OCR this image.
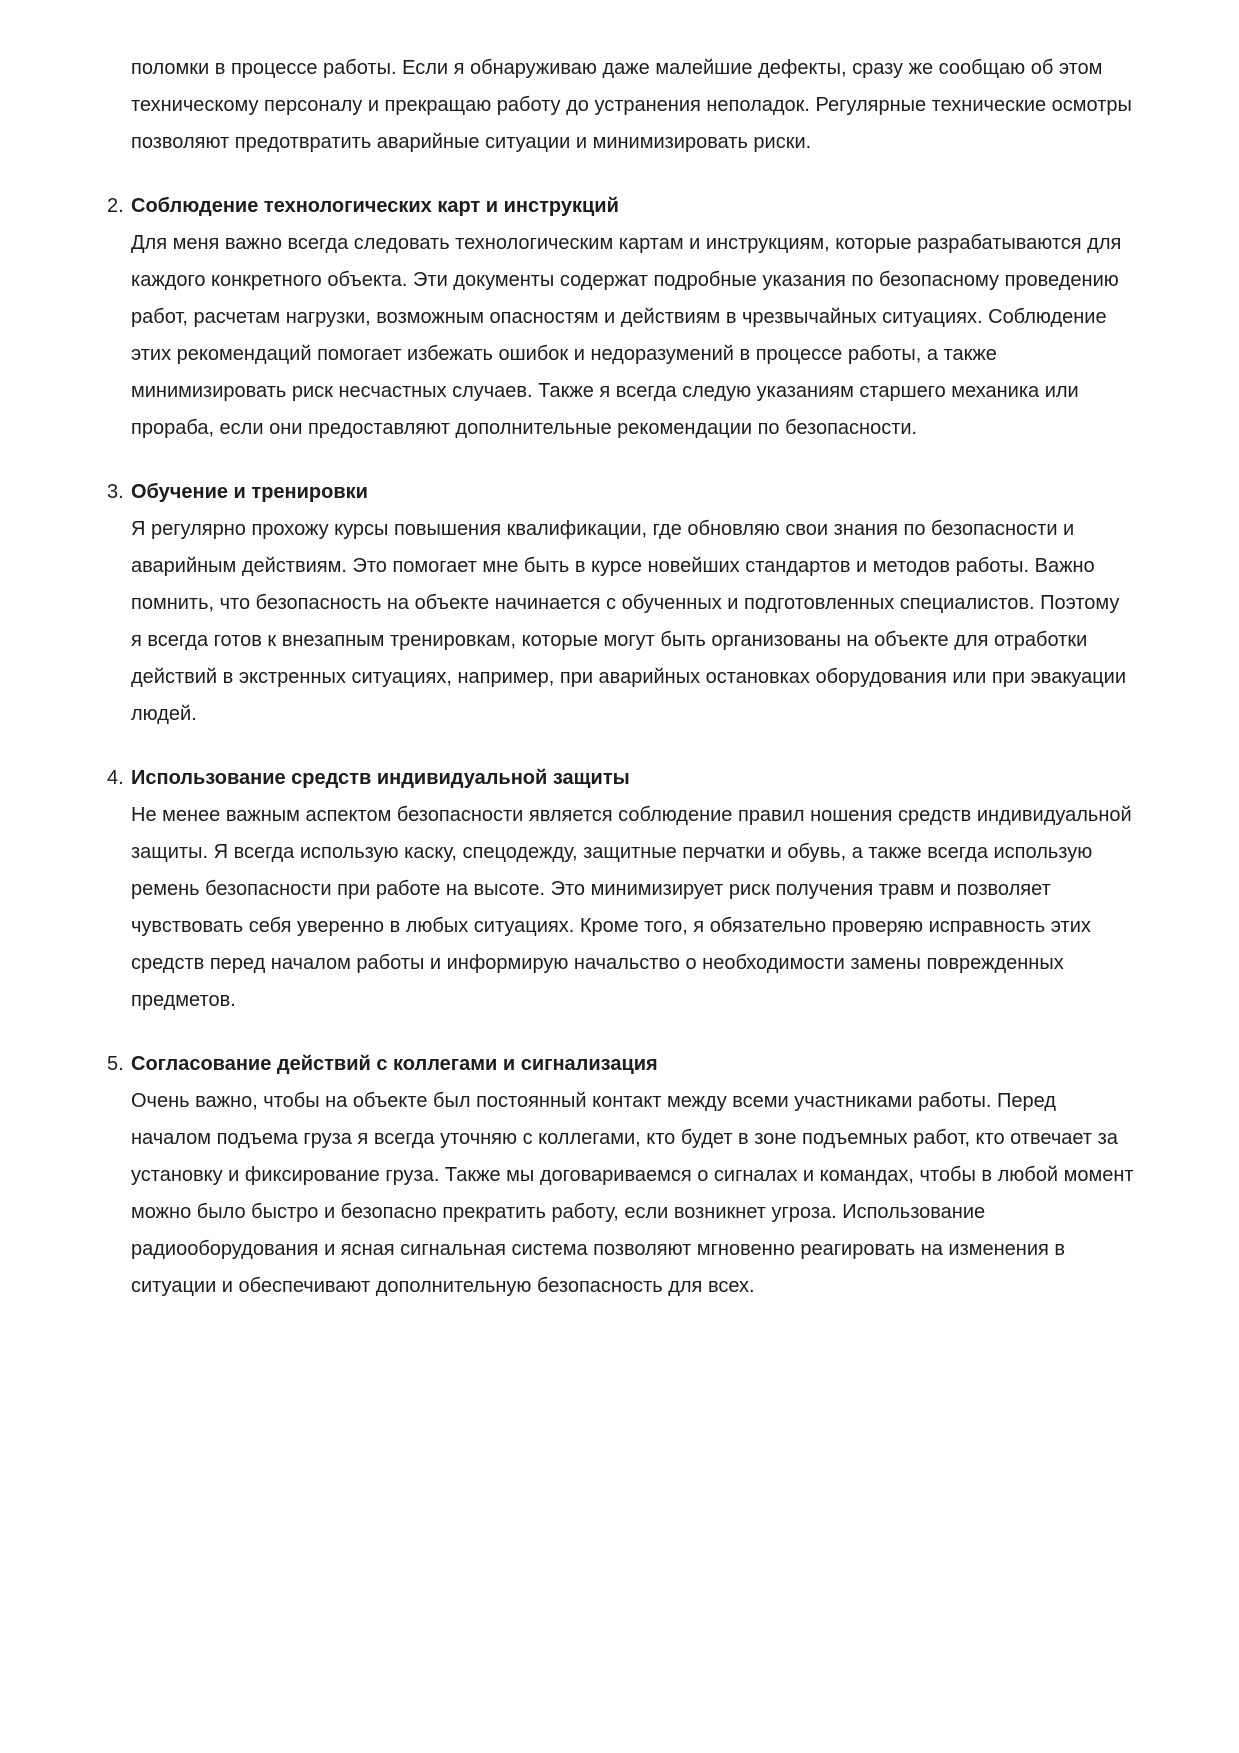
поломки в процессе работы. Если я обнаруживаю даже малейшие дефекты, сразу же сообщаю об этом техническому персоналу и прекращаю работу до устранения неполадок. Регулярные технические осмотры позволяют предотвратить аварийные ситуации и минимизировать риски.

2. Соблюдение технологических карт и инструкций

Для меня важно всегда следовать технологическим картам и инструкциям, которые разрабатываются для каждого конкретного объекта. Эти документы содержат подробные указания по безопасному проведению работ, расчетам нагрузки, возможным опасностям и действиям в чрезвычайных ситуациях. Соблюдение этих рекомендаций помогает избежать ошибок и недоразумений в процессе работы, а также минимизировать риск несчастных случаев. Также я всегда следую указаниям старшего механика или прораба, если они предоставляют дополнительные рекомендации по безопасности.

3. Обучение и тренировки

Я регулярно прохожу курсы повышения квалификации, где обновляю свои знания по безопасности и аварийным действиям. Это помогает мне быть в курсе новейших стандартов и методов работы. Важно помнить, что безопасность на объекте начинается с обученных и подготовленных специалистов. Поэтому я всегда готов к внезапным тренировкам, которые могут быть организованы на объекте для отработки действий в экстренных ситуациях, например, при аварийных остановках оборудования или при эвакуации людей.

4. Использование средств индивидуальной защиты

Не менее важным аспектом безопасности является соблюдение правил ношения средств индивидуальной защиты. Я всегда использую каску, спецодежду, защитные перчатки и обувь, а также всегда использую ремень безопасности при работе на высоте. Это минимизирует риск получения травм и позволяет чувствовать себя уверенно в любых ситуациях. Кроме того, я обязательно проверяю исправность этих средств перед началом работы и информирую начальство о необходимости замены поврежденных предметов.

5. Согласование действий с коллегами и сигнализация

Очень важно, чтобы на объекте был постоянный контакт между всеми участниками работы. Перед началом подъема груза я всегда уточняю с коллегами, кто будет в зоне подъемных работ, кто отвечает за установку и фиксирование груза. Также мы договариваемся о сигналах и командах, чтобы в любой момент можно было быстро и безопасно прекратить работу, если возникнет угроза. Использование радиооборудования и ясная сигнальная система позволяют мгновенно реагировать на изменения в ситуации и обеспечивают дополнительную безопасность для всех.
